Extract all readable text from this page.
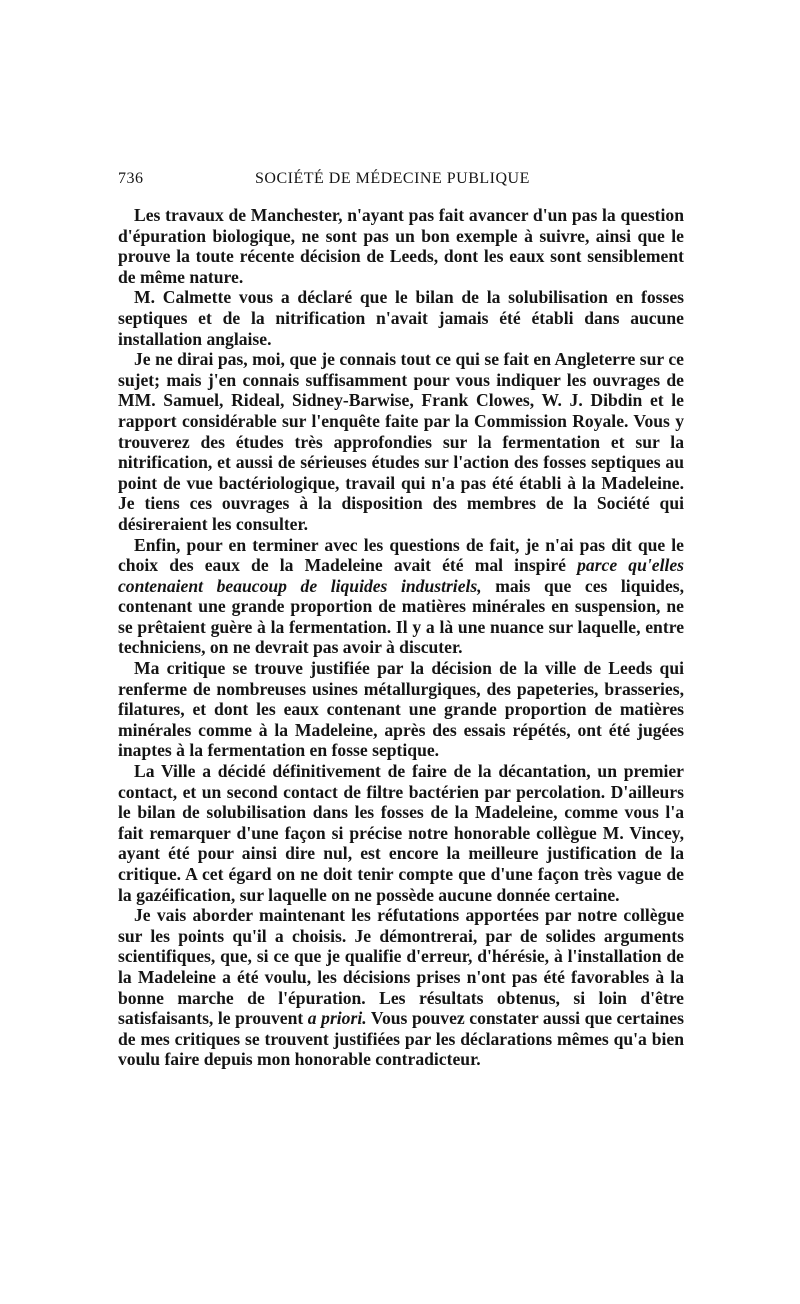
736	SOCIÉTÉ DE MÉDECINE PUBLIQUE

Les travaux de Manchester, n'ayant pas fait avancer d'un pas la question d'épuration biologique, ne sont pas un bon exemple à suivre, ainsi que le prouve la toute récente décision de Leeds, dont les eaux sont sensiblement de même nature.

M. Calmette vous a déclaré que le bilan de la solubilisation en fosses septiques et de la nitrification n'avait jamais été établi dans aucune installation anglaise.

Je ne dirai pas, moi, que je connais tout ce qui se fait en Angleterre sur ce sujet; mais j'en connais suffisamment pour vous indiquer les ouvrages de MM. Samuel, Rideal, Sidney-Barwise, Frank Clowes, W. J. Dibdin et le rapport considérable sur l'enquête faite par la Commission Royale. Vous y trouverez des études très approfondies sur la fermentation et sur la nitrification, et aussi de sérieuses études sur l'action des fosses septiques au point de vue bactériologique, travail qui n'a pas été établi à la Madeleine. Je tiens ces ouvrages à la disposition des membres de la Société qui désireraient les consulter.

Enfin, pour en terminer avec les questions de fait, je n'ai pas dit que le choix des eaux de la Madeleine avait été mal inspiré parce qu'elles contenaient beaucoup de liquides industriels, mais que ces liquides, contenant une grande proportion de matières minérales en suspension, ne se prêtaient guère à la fermentation. Il y a là une nuance sur laquelle, entre techniciens, on ne devrait pas avoir à discuter.

Ma critique se trouve justifiée par la décision de la ville de Leeds qui renferme de nombreuses usines métallurgiques, des papeteries, brasseries, filatures, et dont les eaux contenant une grande proportion de matières minérales comme à la Madeleine, après des essais répétés, ont été jugées inaptes à la fermentation en fosse septique.

La Ville a décidé définitivement de faire de la décantation, un premier contact, et un second contact de filtre bactérien par percolation. D'ailleurs le bilan de solubilisation dans les fosses de la Madeleine, comme vous l'a fait remarquer d'une façon si précise notre honorable collègue M. Vincey, ayant été pour ainsi dire nul, est encore la meilleure justification de la critique. A cet égard on ne doit tenir compte que d'une façon très vague de la gazéification, sur laquelle on ne possède aucune donnée certaine.

Je vais aborder maintenant les réfutations apportées par notre collègue sur les points qu'il a choisis. Je démontrerai, par de solides arguments scientifiques, que, si ce que je qualifie d'erreur, d'hérésie, à l'installation de la Madeleine a été voulu, les décisions prises n'ont pas été favorables à la bonne marche de l'épuration. Les résultats obtenus, si loin d'être satisfaisants, le prouvent a priori. Vous pouvez constater aussi que certaines de mes critiques se trouvent justifiées par les déclarations mêmes qu'a bien voulu faire depuis mon honorable contradicteur.
